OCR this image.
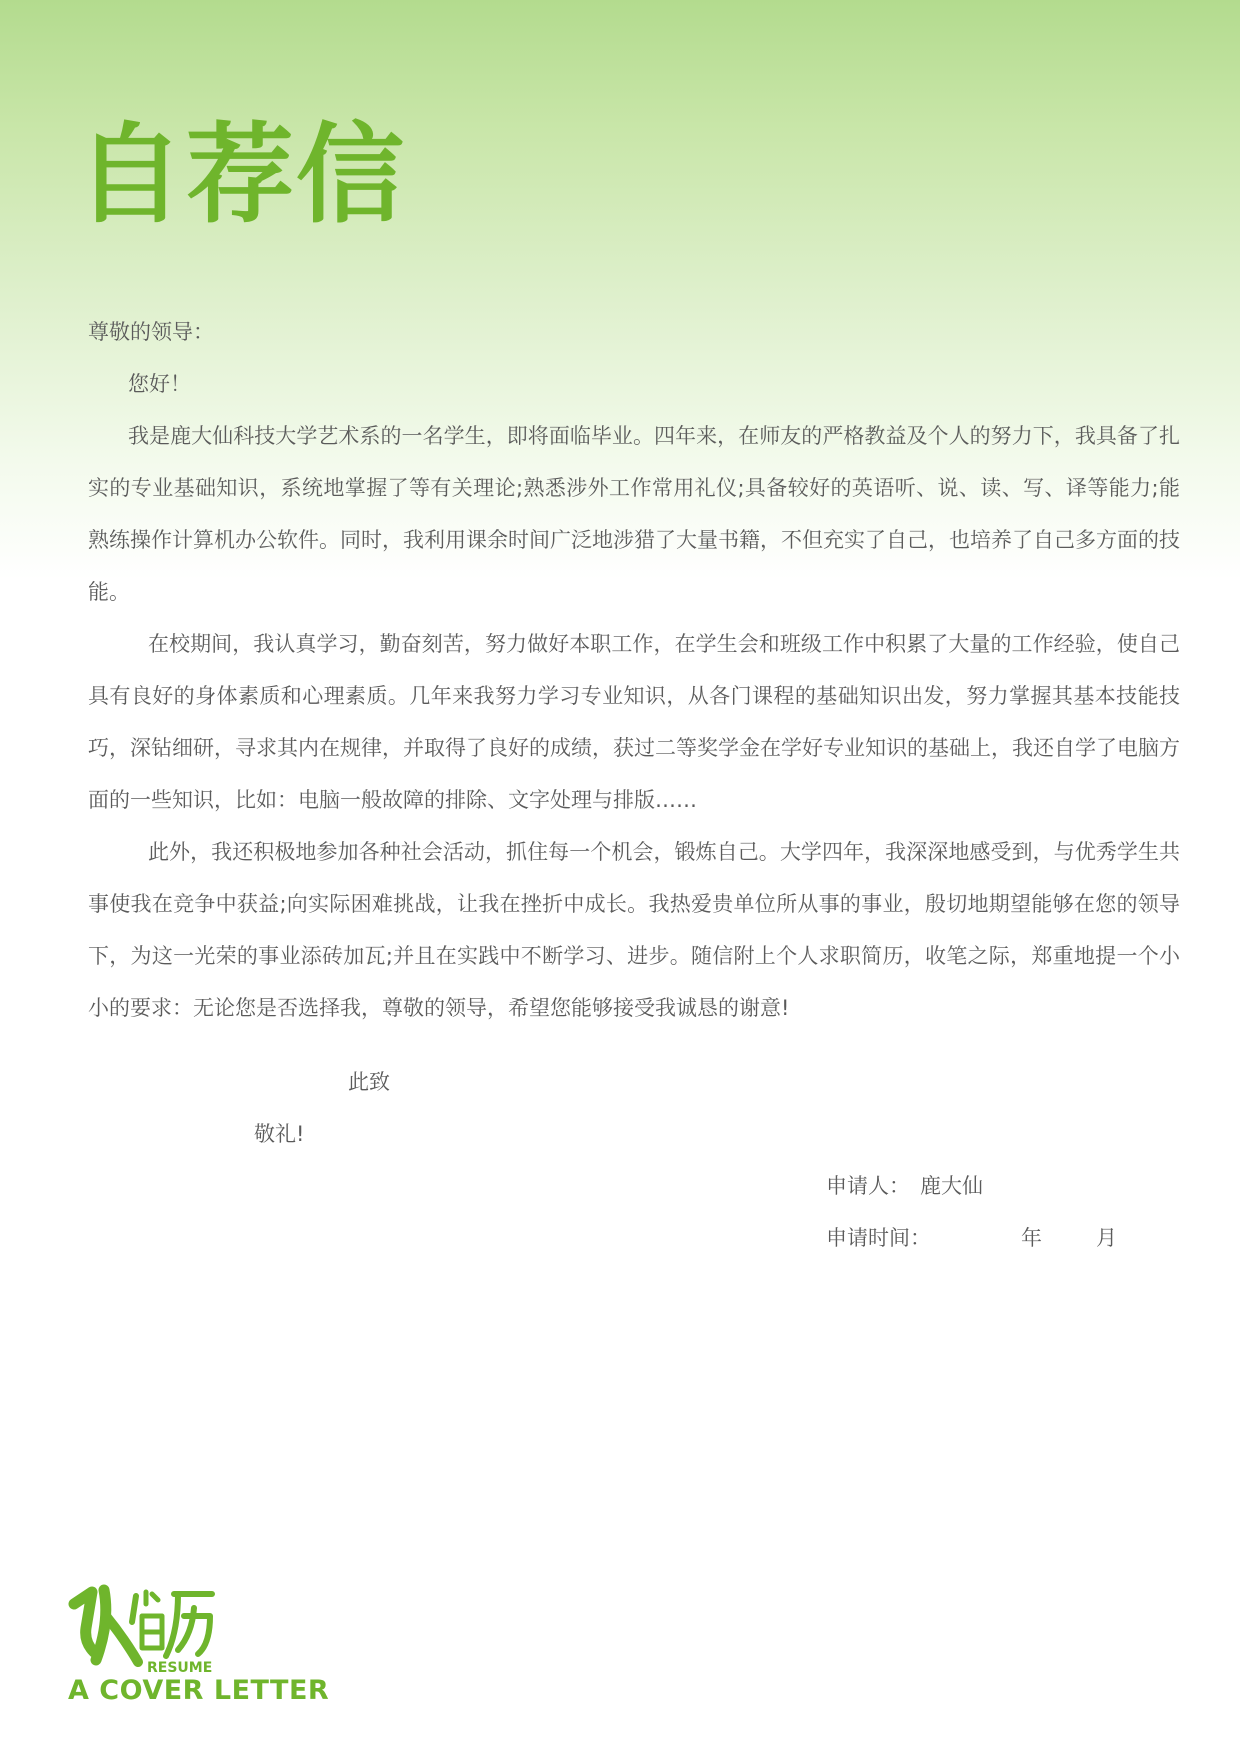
自荐信

尊敬的领导：

您好！

我是鹿大仙科技大学艺术系的一名学生，即将面临毕业。四年来，在师友的严格教益及个人的努力下，我具备了扎实的专业基础知识，系统地掌握了等有关理论;熟悉涉外工作常用礼仪;具备较好的英语听、说、读、写、译等能力;能熟练操作计算机办公软件。同时，我利用课余时间广泛地涉猎了大量书籍，不但充实了自己，也培养了自己多方面的技能。

在校期间，我认真学习，勤奋刻苦，努力做好本职工作，在学生会和班级工作中积累了大量的工作经验，使自己具有良好的身体素质和心理素质。几年来我努力学习专业知识，从各门课程的基础知识出发，努力掌握其基本技能技巧，深钻细研，寻求其内在规律，并取得了良好的成绩，获过二等奖学金在学好专业知识的基础上，我还自学了电脑方面的一些知识，比如：电脑一般故障的排除、文字处理与排版……

此外，我还积极地参加各种社会活动，抓住每一个机会，锻炼自己。大学四年，我深深地感受到，与优秀学生共事使我在竞争中获益;向实际困难挑战，让我在挫折中成长。我热爱贵单位所从事的事业，殷切地期望能够在您的领导下，为这一光荣的事业添砖加瓦;并且在实践中不断学习、进步。随信附上个人求职简历，收笔之际，郑重地提一个小小的要求：无论您是否选择我，尊敬的领导，希望您能够接受我诚恳的谢意!

此致
敬礼!
申请人： 鹿大仙
申请时间：	年	月
RESUME
A COVER LETTER
